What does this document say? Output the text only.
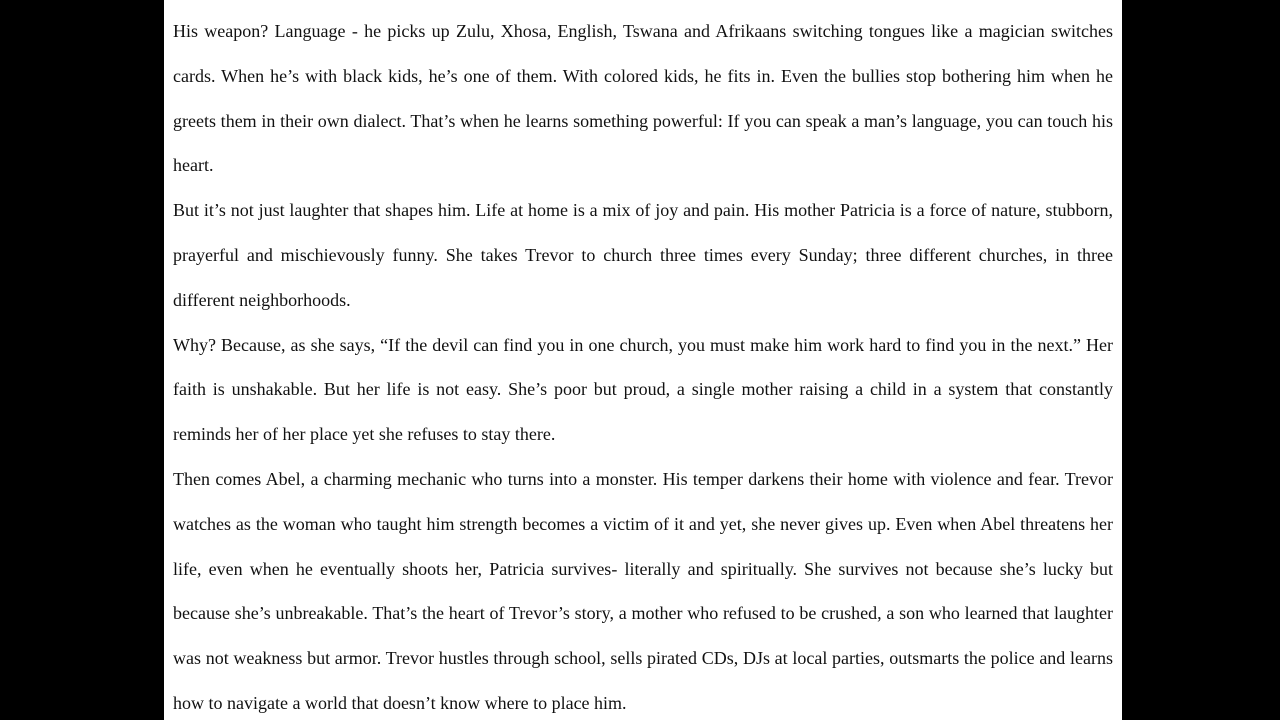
His weapon? Language - he picks up Zulu, Xhosa, English, Tswana and Afrikaans switching tongues like a magician switches cards. When he’s with black kids, he’s one of them. With colored kids, he fits in. Even the bullies stop bothering him when he greets them in their own dialect. That’s when he learns something powerful: If you can speak a man’s language, you can touch his heart.

But it’s not just laughter that shapes him. Life at home is a mix of joy and pain. His mother Patricia is a force of nature, stubborn, prayerful and mischievously funny. She takes Trevor to church three times every Sunday; three different churches, in three different neighborhoods.

Why? Because, as she says, “If the devil can find you in one church, you must make him work hard to find you in the next.” Her faith is unshakable. But her life is not easy. She’s poor but proud, a single mother raising a child in a system that constantly reminds her of her place yet she refuses to stay there.

Then comes Abel, a charming mechanic who turns into a monster. His temper darkens their home with violence and fear. Trevor watches as the woman who taught him strength becomes a victim of it and yet, she never gives up. Even when Abel threatens her life, even when he eventually shoots her, Patricia survives- literally and spiritually. She survives not because she’s lucky but because she’s unbreakable. That’s the heart of Trevor’s story, a mother who refused to be crushed, a son who learned that laughter was not weakness but armor. Trevor hustles through school, sells pirated CDs, DJs at local parties, outsmarts the police and learns how to navigate a world that doesn’t know where to place him.
